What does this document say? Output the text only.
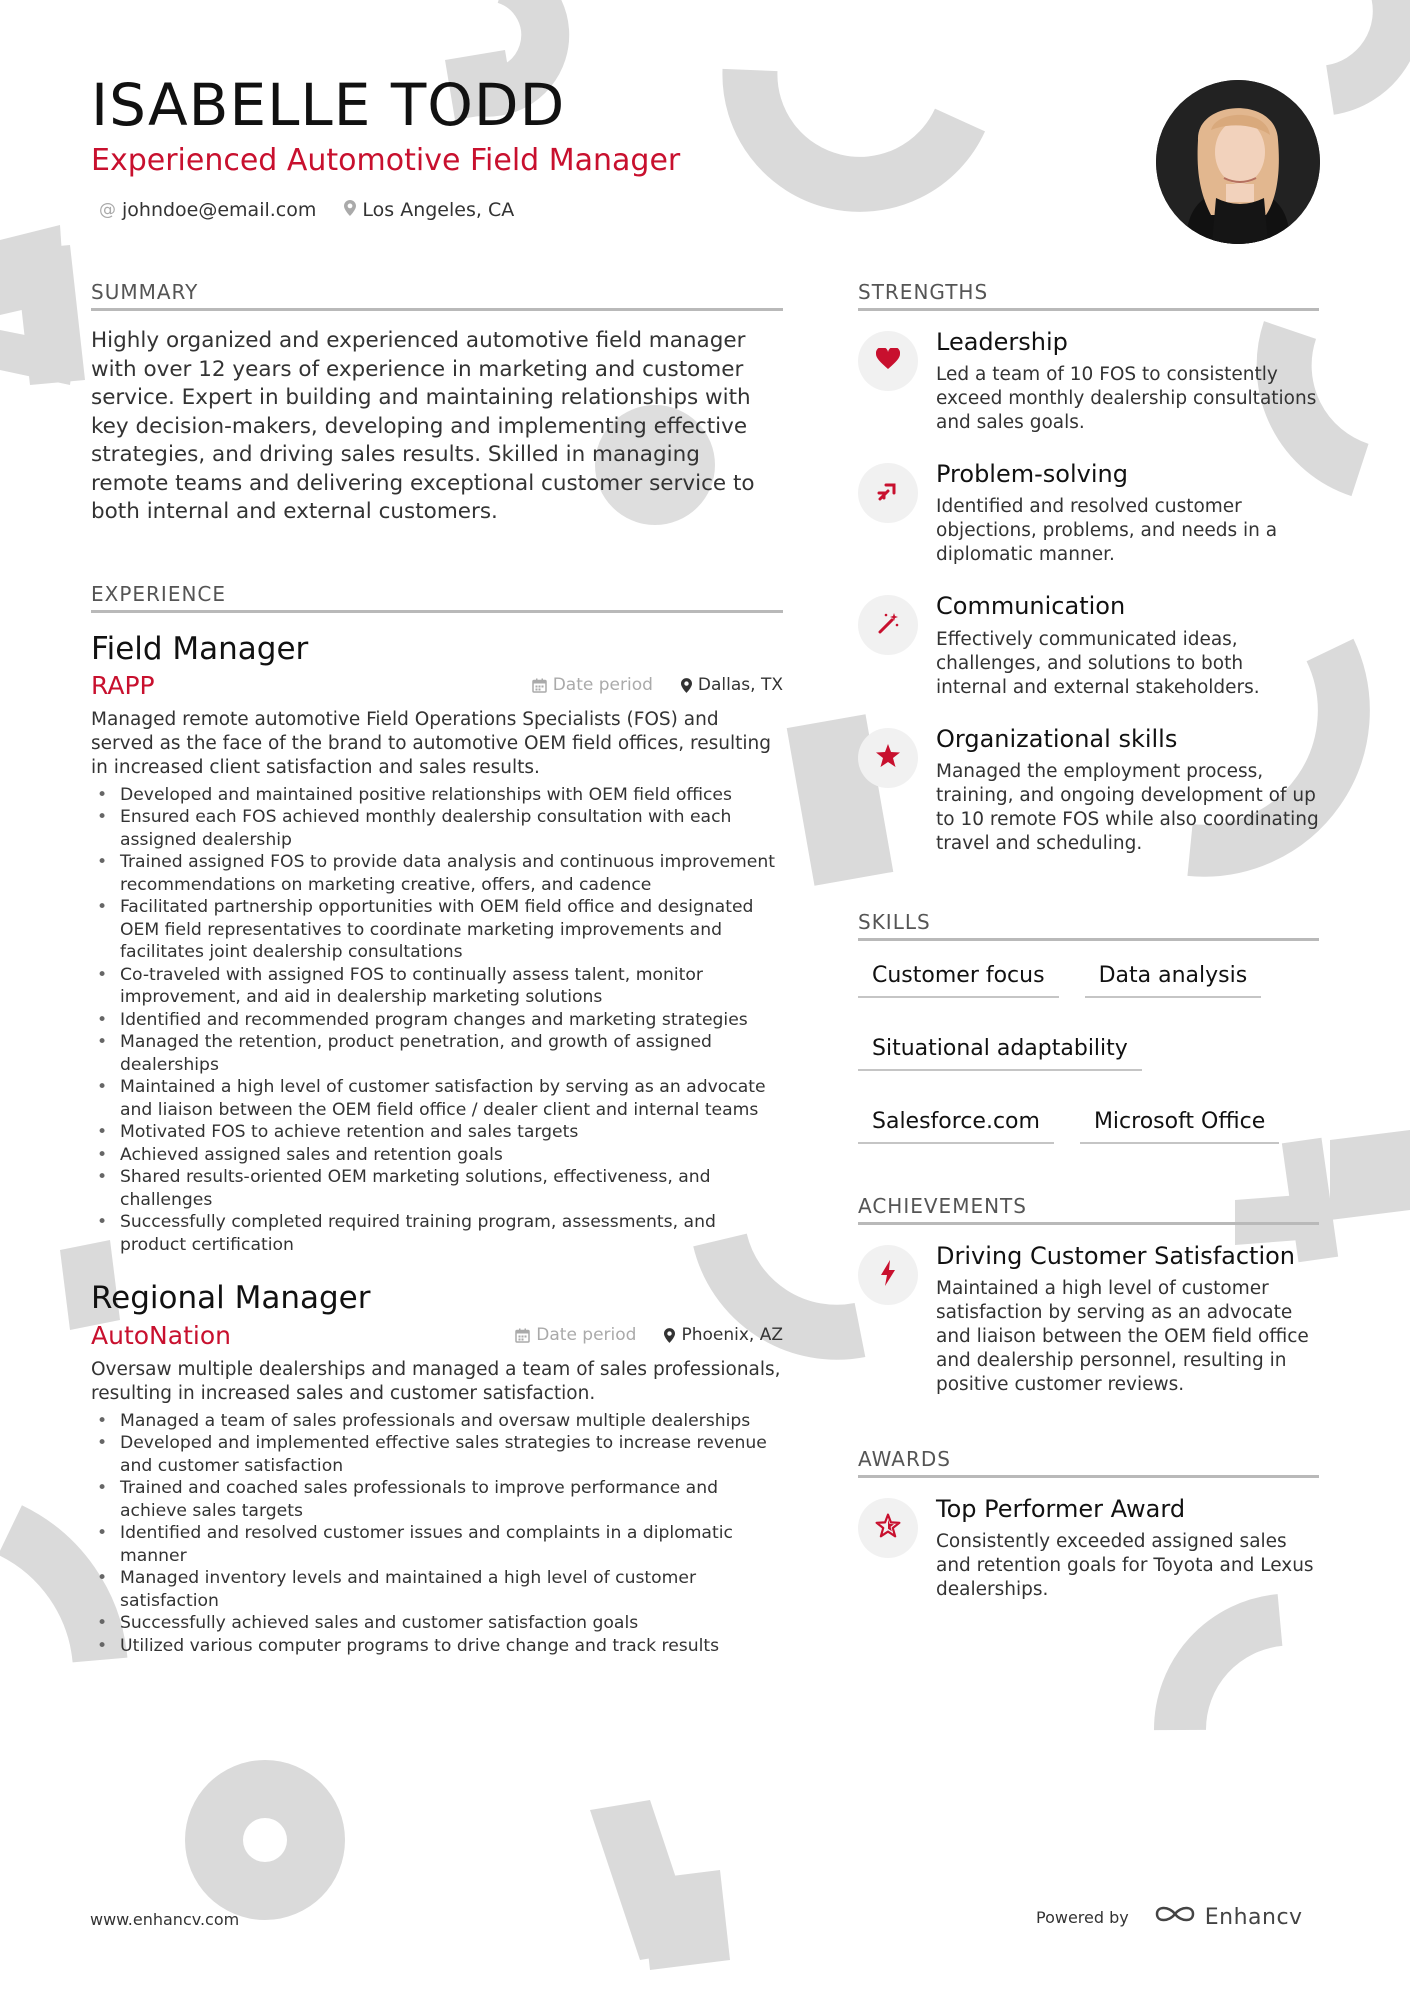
ISABELLE TODD
Experienced Automotive Field Manager
@ johndoe@email.com Los Angeles, CA
SUMMARY
Highly organized and experienced automotive field manager with over 12 years of experience in marketing and customer service. Expert in building and maintaining relationships with key decision-makers, developing and implementing effective strategies, and driving sales results. Skilled in managing remote teams and delivering exceptional customer service to both internal and external customers.
EXPERIENCE
Field Manager
RAPP	Date period	Dallas, TX
Managed remote automotive Field Operations Specialists (FOS) and served as the face of the brand to automotive OEM field offices, resulting in increased client satisfaction and sales results.
• Developed and maintained positive relationships with OEM field offices
• Ensured each FOS achieved monthly dealership consultation with each assigned dealership
• Trained assigned FOS to provide data analysis and continuous improvement recommendations on marketing creative, offers, and cadence
• Facilitated partnership opportunities with OEM field office and designated OEM field representatives to coordinate marketing improvements and facilitates joint dealership consultations
• Co-traveled with assigned FOS to continually assess talent, monitor improvement, and aid in dealership marketing solutions
• Identified and recommended program changes and marketing strategies
• Managed the retention, product penetration, and growth of assigned dealerships
• Maintained a high level of customer satisfaction by serving as an advocate and liaison between the OEM field office / dealer client and internal teams
• Motivated FOS to achieve retention and sales targets
• Achieved assigned sales and retention goals
• Shared results-oriented OEM marketing solutions, effectiveness, and challenges
• Successfully completed required training program, assessments, and product certification
Regional Manager
AutoNation	Date period	Phoenix, AZ
Oversaw multiple dealerships and managed a team of sales professionals, resulting in increased sales and customer satisfaction.
• Managed a team of sales professionals and oversaw multiple dealerships
• Developed and implemented effective sales strategies to increase revenue and customer satisfaction
• Trained and coached sales professionals to improve performance and achieve sales targets
• Identified and resolved customer issues and complaints in a diplomatic manner
• Managed inventory levels and maintained a high level of customer satisfaction
• Successfully achieved sales and customer satisfaction goals
• Utilized various computer programs to drive change and track results
STRENGTHS
Leadership
Led a team of 10 FOS to consistently exceed monthly dealership consultations and sales goals.
Problem-solving
Identified and resolved customer objections, problems, and needs in a diplomatic manner.
Communication
Effectively communicated ideas, challenges, and solutions to both internal and external stakeholders.
Organizational skills
Managed the employment process, training, and ongoing development of up to 10 remote FOS while also coordinating travel and scheduling.
SKILLS
Customer focus	Data analysis
Situational adaptability
Salesforce.com	Microsoft Office
ACHIEVEMENTS
Driving Customer Satisfaction
Maintained a high level of customer satisfaction by serving as an advocate and liaison between the OEM field office and dealership personnel, resulting in positive customer reviews.
AWARDS
Top Performer Award
Consistently exceeded assigned sales and retention goals for Toyota and Lexus dealerships.
www.enhancv.com	Powered by	Enhancv
